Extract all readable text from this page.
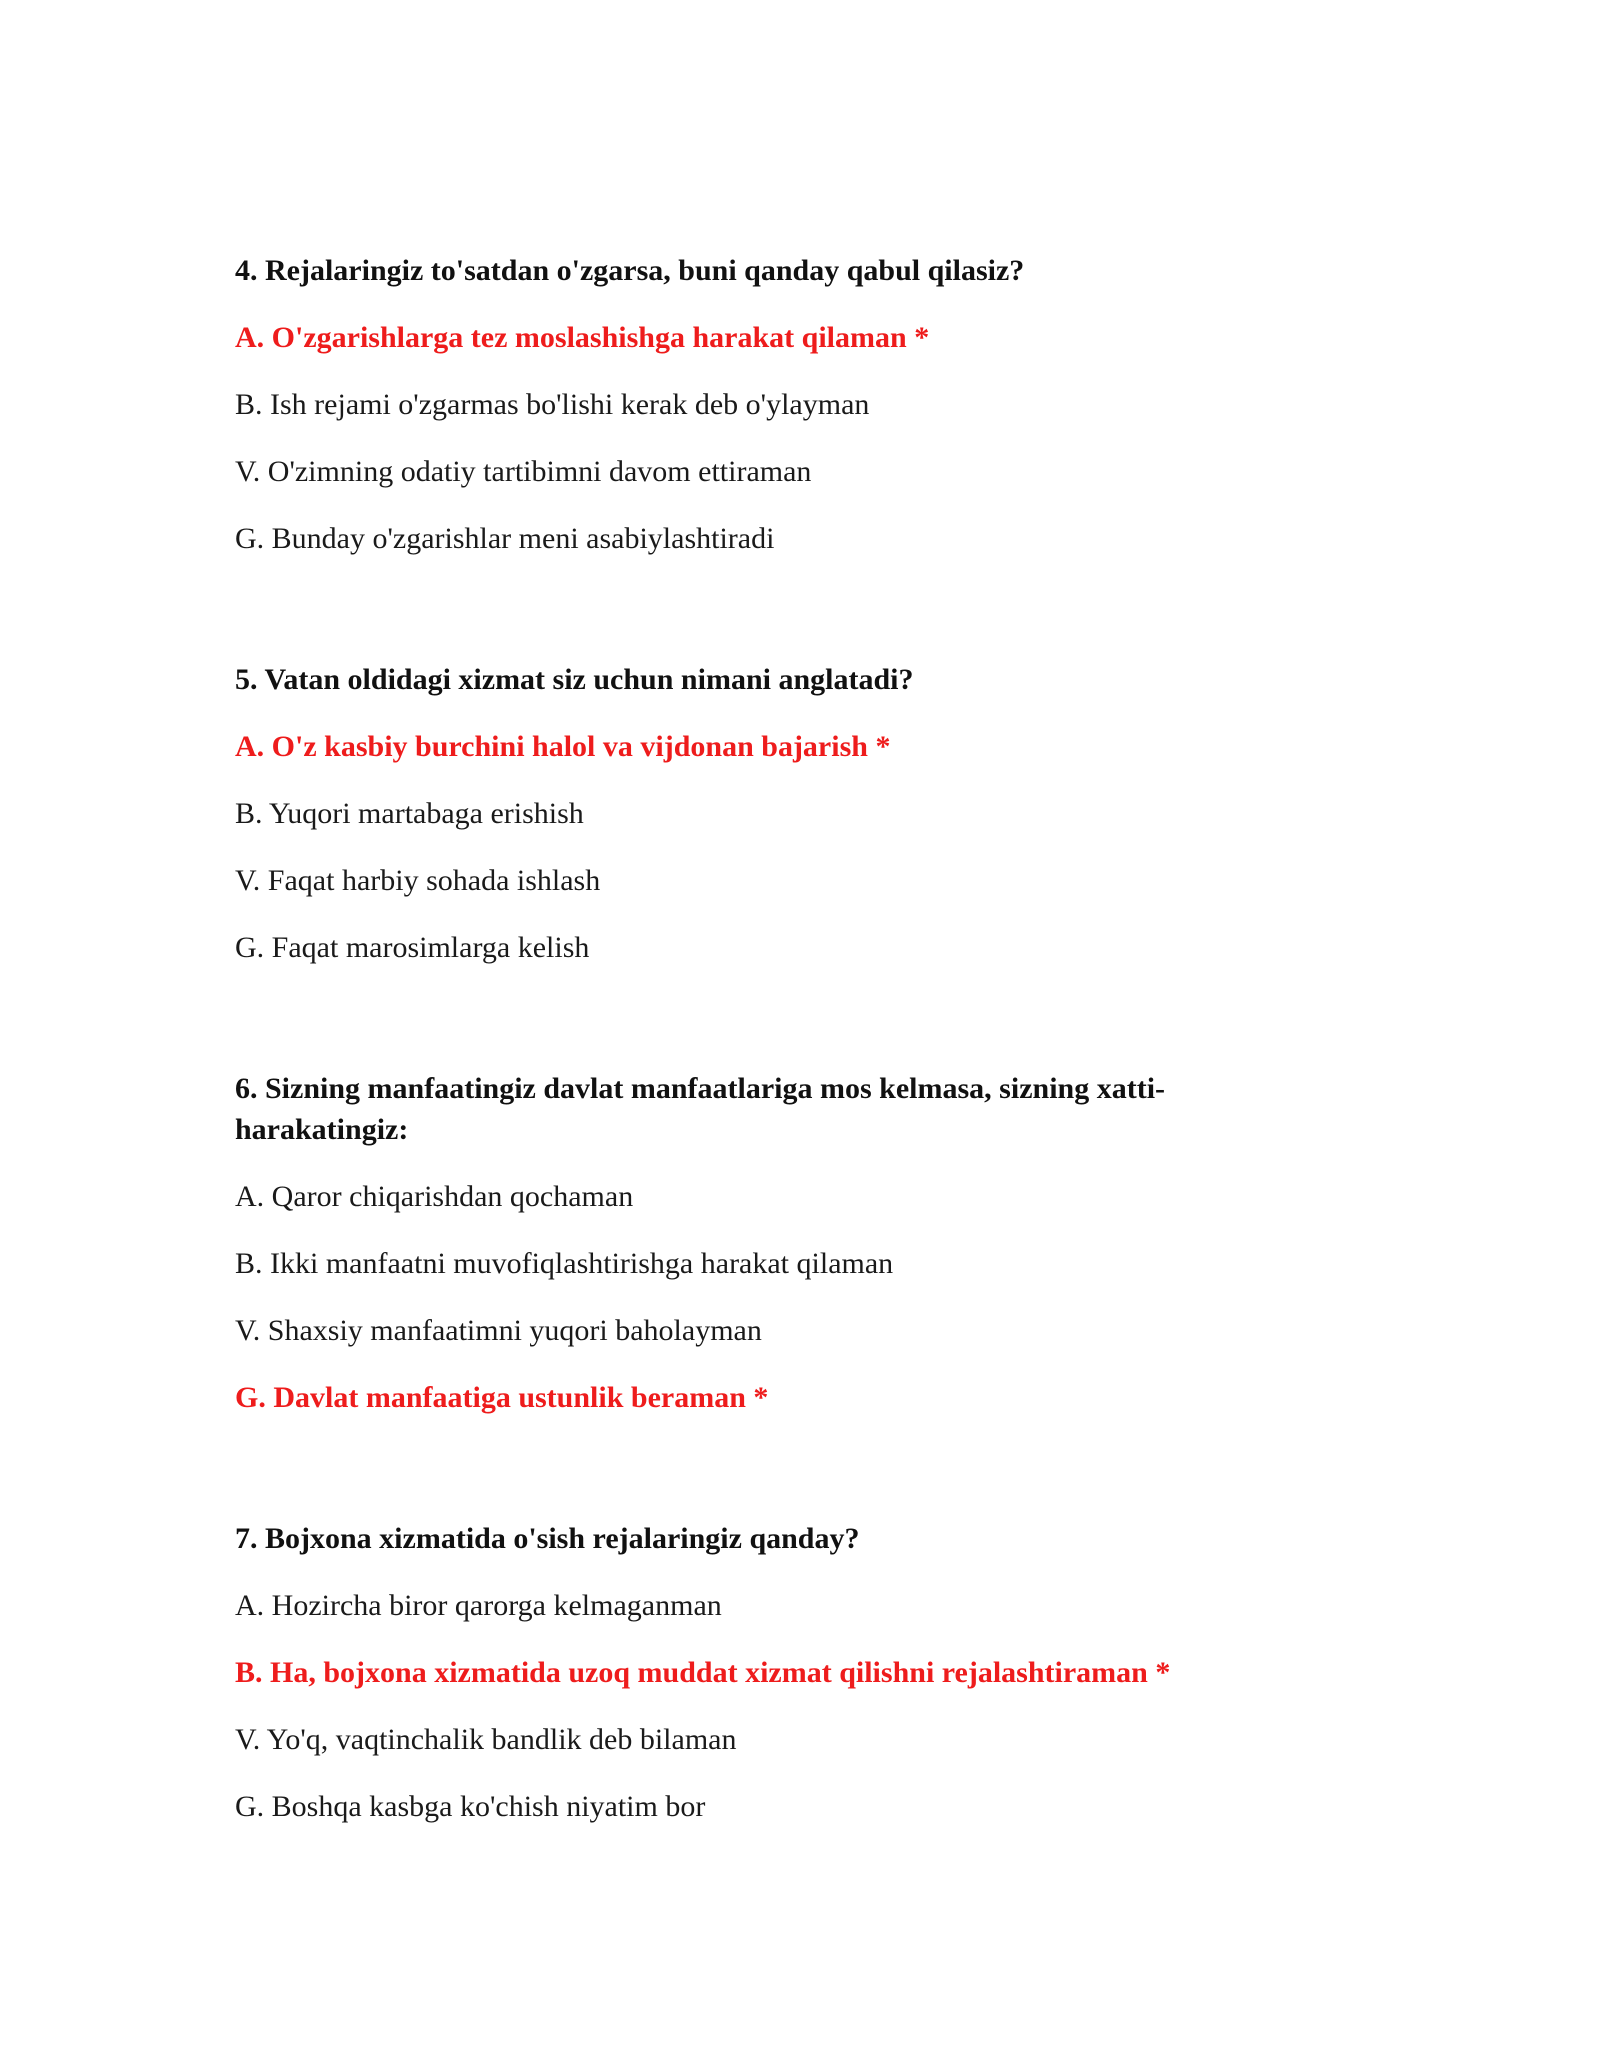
4. Rejalaringiz to'satdan o'zgarsa, buni qanday qabul qilasiz?
A. O'zgarishlarga tez moslashishga harakat qilaman *
B. Ish rejami o'zgarmas bo'lishi kerak deb o'ylayman
V. O'zimning odatiy tartibimni davom ettiraman
G. Bunday o'zgarishlar meni asabiylashtiradi
5. Vatan oldidagi xizmat siz uchun nimani anglatadi?
A. O'z kasbiy burchini halol va vijdonan bajarish *
B. Yuqori martabaga erishish
V. Faqat harbiy sohada ishlash
G. Faqat marosimlarga kelish
6. Sizning manfaatingiz davlat manfaatlariga mos kelmasa, sizning xatti-harakatingiz:
A. Qaror chiqarishdan qochaman
B. Ikki manfaatni muvofiqlashtirishga harakat qilaman
V. Shaxsiy manfaatimni yuqori baholayman
G. Davlat manfaatiga ustunlik beraman *
7. Bojxona xizmatida o'sish rejalaringiz qanday?
A. Hozircha biror qarorga kelmaganman
B. Ha, bojxona xizmatida uzoq muddat xizmat qilishni rejalashtiraman *
V. Yo'q, vaqtinchalik bandlik deb bilaman
G. Boshqa kasbga ko'chish niyatim bor
